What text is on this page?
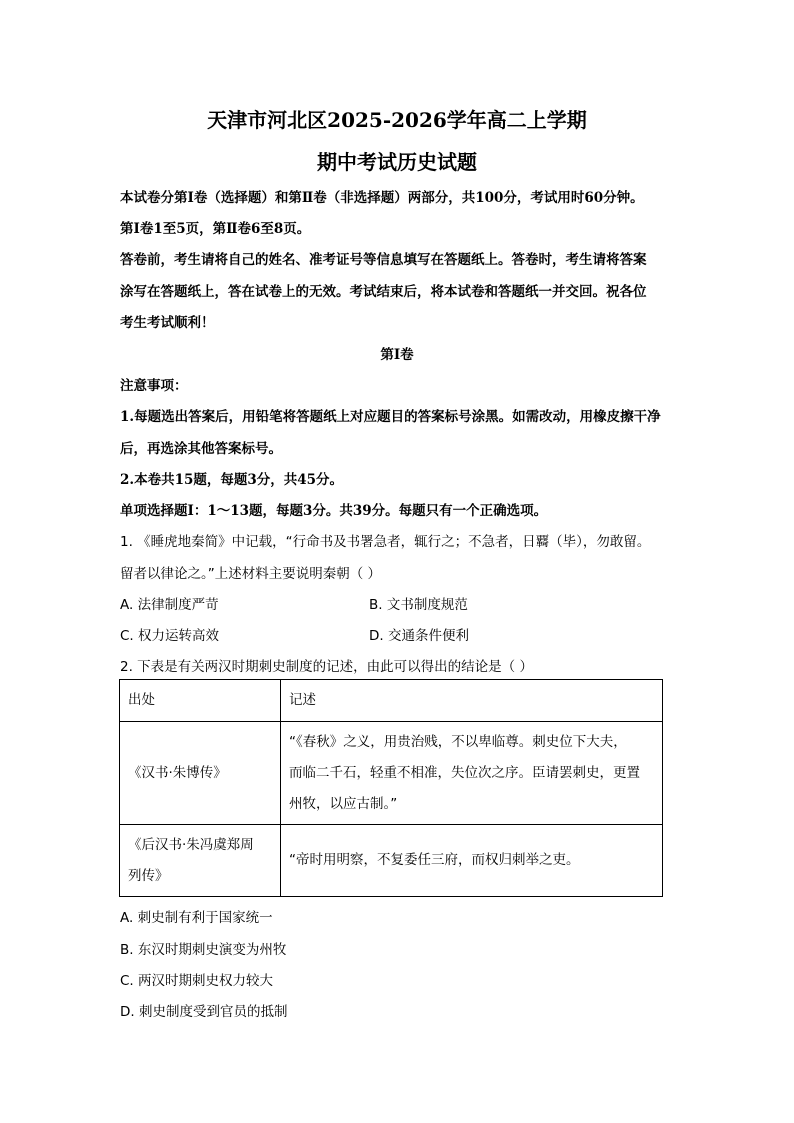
天津市河北区2025-2026学年高二上学期
期中考试历史试题
本试卷分第Ⅰ卷（选择题）和第Ⅱ卷（非选择题）两部分，共100分，考试用时60分钟。
第Ⅰ卷1至5页，第Ⅱ卷6至8页。
答卷前，考生请将自己的姓名、准考证号等信息填写在答题纸上。答卷时，考生请将答案
涂写在答题纸上，答在试卷上的无效。考试结束后，将本试卷和答题纸一并交回。祝各位
考生考试顺利！
第Ⅰ卷
注意事项：
1.每题选出答案后，用铅笔将答题纸上对应题目的答案标号涂黑。如需改动，用橡皮擦干净
后，再选涂其他答案标号。
2.本卷共15题，每题3分，共45分。
单项选择题Ⅰ：1～13题，每题3分。共39分。每题只有一个正确选项。
1. 《睡虎地秦简》中记载，“行命书及书署急者，辄行之；不急者，日覉（毕），勿敢留。
留者以律论之。”上述材料主要说明秦朝（ ）
A. 法律制度严苛	B. 文书制度规范
C. 权力运转高效	D. 交通条件便利
2. 下表是有关两汉时期刺史制度的记述，由此可以得出的结论是（ ）
出处	记述
《汉书·朱博传》	“《春秋》之义，用贵治贱，不以卑临尊。刺史位下大夫，
而临二千石，轻重不相准，失位次之序。臣请罢刺史，更置
州牧，以应古制。”

《后汉书·朱冯虞郑周
列传》	“帝时用明察，不复委任三府，而权归刺举之吏。
A. 刺史制有利于国家统一
B. 东汉时期刺史演变为州牧
C. 两汉时期刺史权力较大
D. 刺史制度受到官员的抵制
